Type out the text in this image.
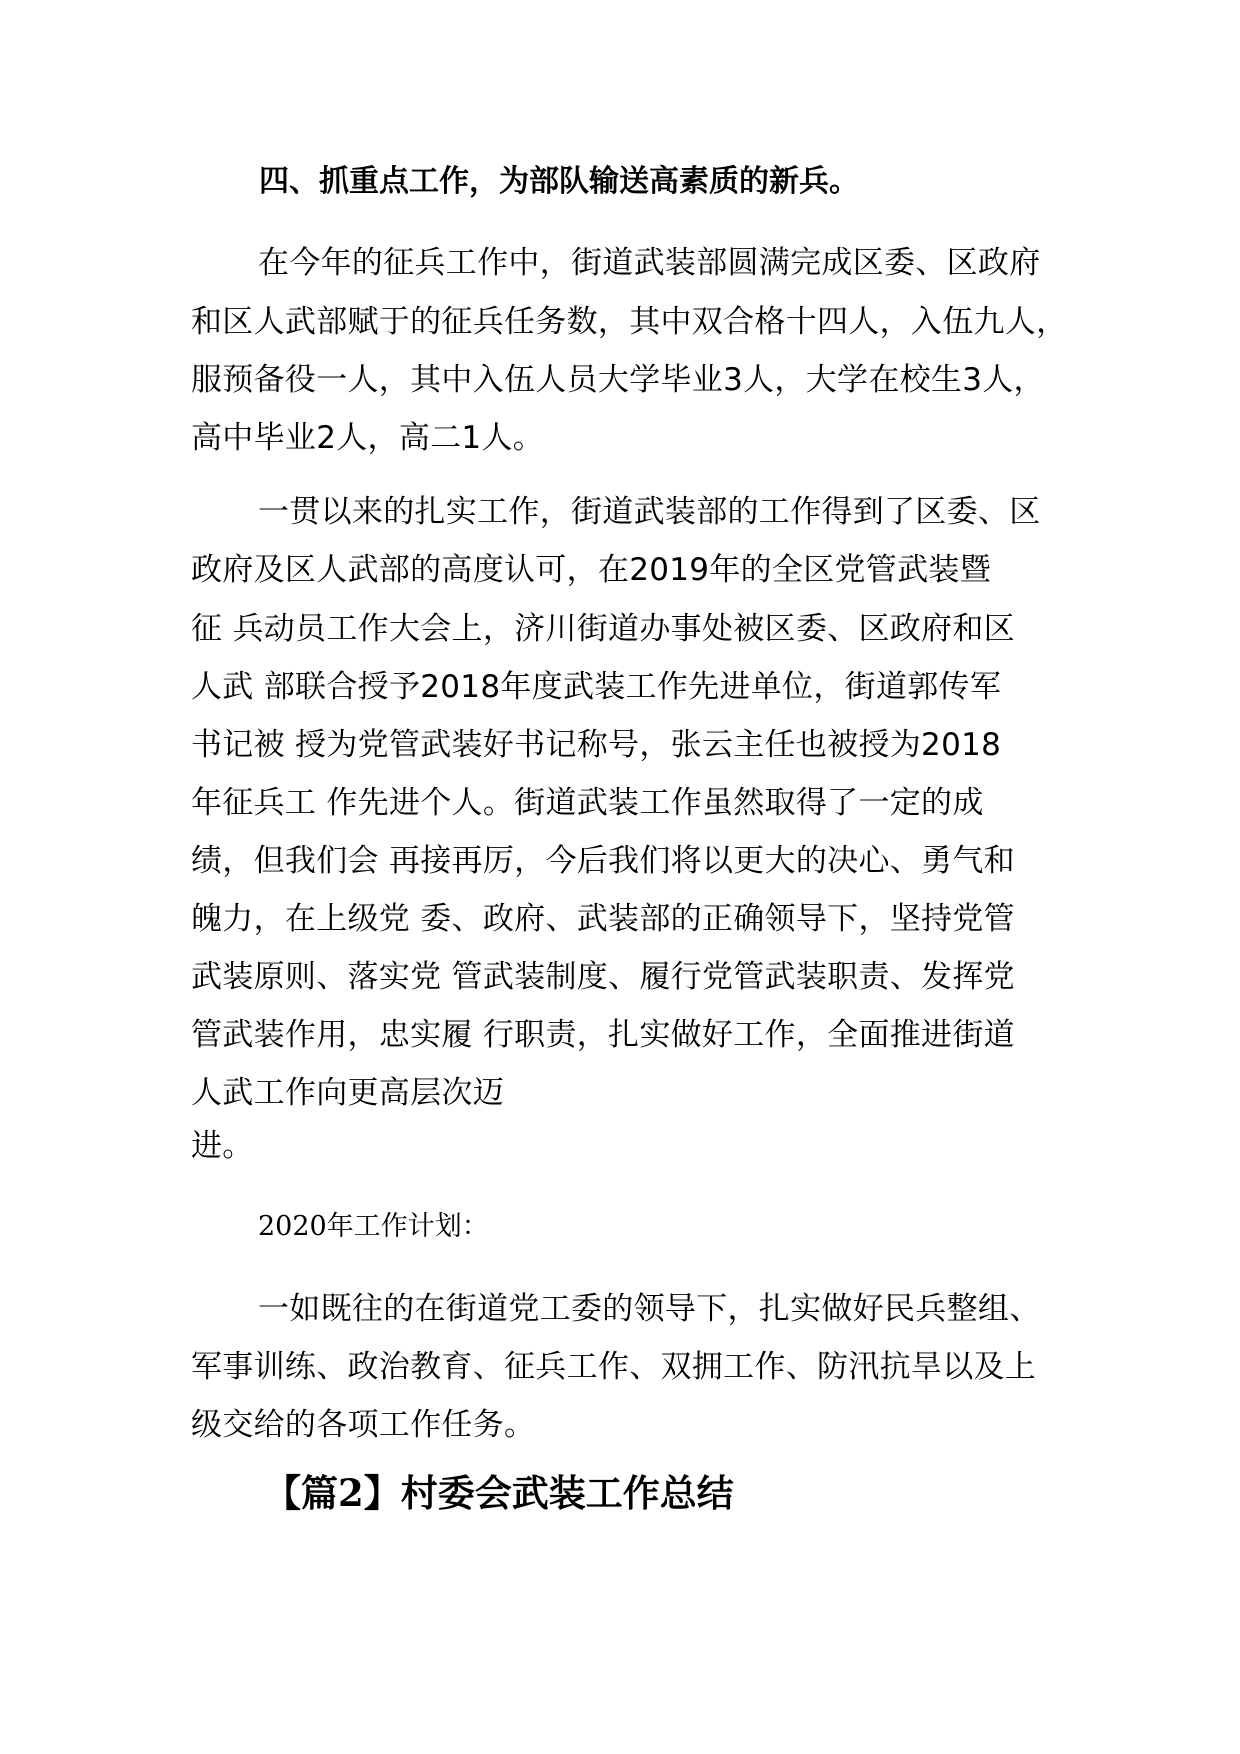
四、抓重点工作，为部队输送高素质的新兵。
在今年的征兵工作中，街道武装部圆满完成区委、区政府
和区人武部赋于的征兵任务数，其中双合格十四人，入伍九人，
服预备役一人，其中入伍人员大学毕业3人，大学在校生3人，
高中毕业2人，高二1人。
一贯以来的扎实工作，街道武装部的工作得到了区委、区
政府及区人武部的高度认可，在2019年的全区党管武装暨
征 兵动员工作大会上，济川街道办事处被区委、区政府和区
人武 部联合授予2018年度武装工作先进单位，街道郭传军
书记被 授为党管武装好书记称号，张云主任也被授为2018
年征兵工 作先进个人。街道武装工作虽然取得了一定的成
绩，但我们会 再接再厉，今后我们将以更大的决心、勇气和
魄力，在上级党 委、政府、武装部的正确领导下，坚持党管
武装原则、落实党 管武装制度、履行党管武装职责、发挥党
管武装作用，忠实履 行职责，扎实做好工作，全面推进街道
人武工作向更高层次迈
进。
2020年工作计划：
一如既往的在街道党工委的领导下，扎实做好民兵整组、
军事训练、政治教育、征兵工作、双拥工作、防汛抗旱以及上
级交给的各项工作任务。
【篇2】村委会武装工作总结
